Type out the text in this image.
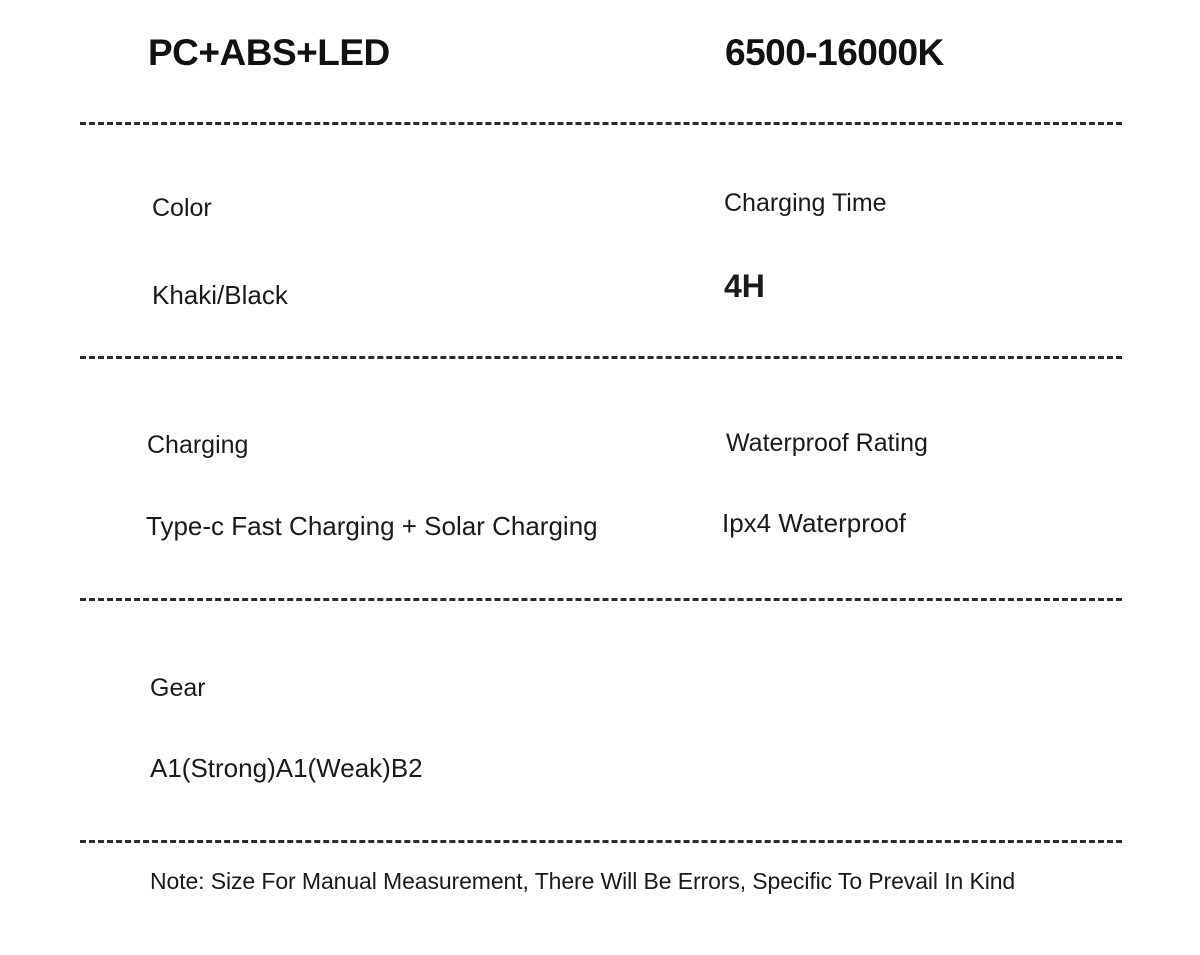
PC+ABS+LED	6500-16000K
Color
Khaki/Black
Charging Time
4H
Charging
Type-c Fast Charging + Solar Charging
Waterproof Rating
Ipx4 Waterproof
Gear
A1(Strong)A1(Weak)B2
Note: Size For Manual Measurement, There Will Be Errors, Specific To Prevail In Kind
